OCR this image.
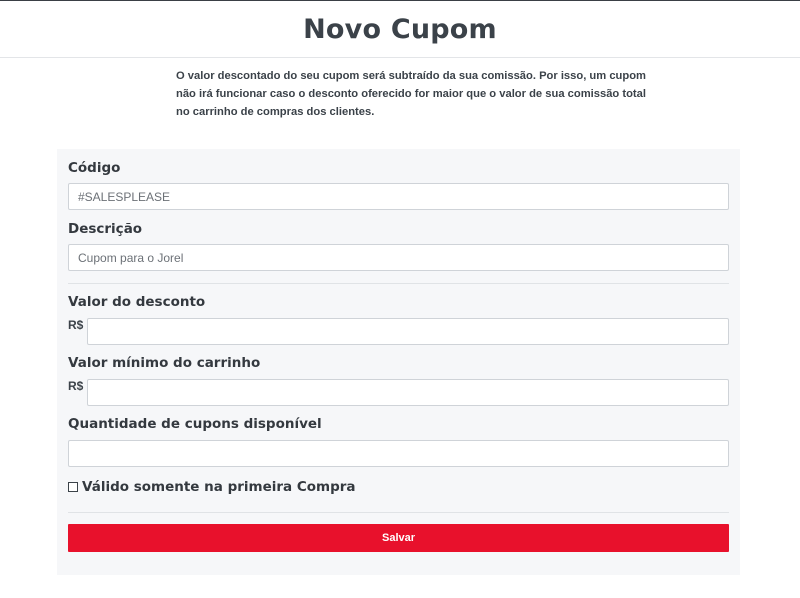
Novo Cupom

O valor descontado do seu cupom será subtraído da sua comissão. Por isso, um cupom não irá funcionar caso o desconto oferecido for maior que o valor de sua comissão total no carrinho de compras dos clientes.

Código
#SALESPLEASE
Descrição
Cupom para o Jorel
Valor do desconto
R$
Valor mínimo do carrinho
R$
Quantidade de cupons disponível
Válido somente na primeira Compra
Salvar
